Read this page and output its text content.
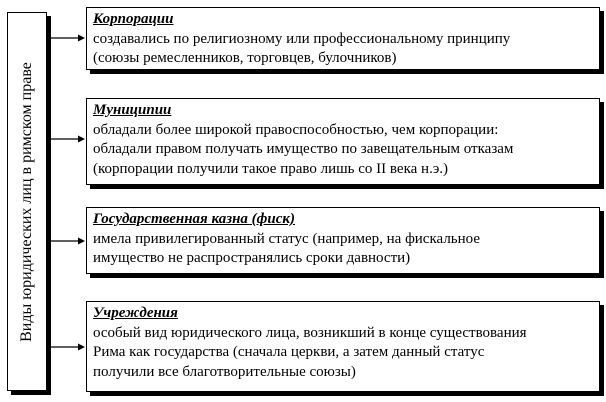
Виды юридических лиц в римском праве
Корпорации
создавались по религиозному или профессиональному принципу
(союзы ремесленников, торговцев, булочников)
Муниципии
обладали более широкой правоспособностью, чем корпорации:
обладали правом получать имущество по завещательным отказам
(корпорации получили такое право лишь со II века н.э.)
Государственная казна (фиск)
имела привилегированный статус (например, на фискальное
имущество не распространялись сроки давности)
Учреждения
особый вид юридического лица, возникший в конце существования
Рима как государства (сначала церкви, а затем данный статус
получили все благотворительные союзы)
